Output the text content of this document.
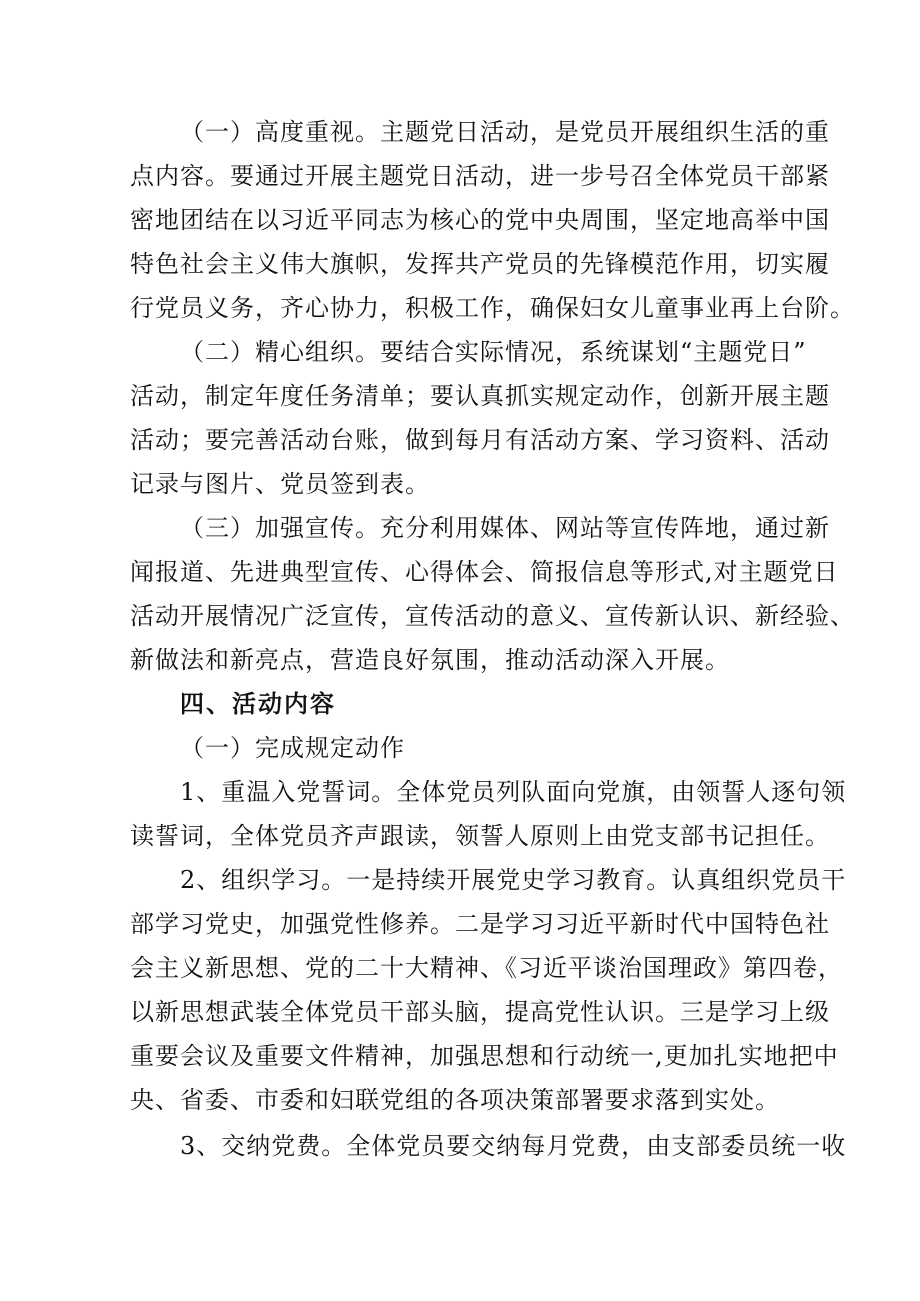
（一）高度重视。主题党日活动，是党员开展组织生活的重
点内容。要通过开展主题党日活动，进一步号召全体党员干部紧
密地团结在以习近平同志为核心的党中央周围，坚定地高举中国
特色社会主义伟大旗帜，发挥共产党员的先锋模范作用，切实履
行党员义务，齐心协力，积极工作，确保妇女儿童事业再上台阶。
（二）精心组织。要结合实际情况，系统谋划“主题党日”
活动，制定年度任务清单；要认真抓实规定动作，创新开展主题
活动；要完善活动台账，做到每月有活动方案、学习资料、活动
记录与图片、党员签到表。
（三）加强宣传。充分利用媒体、网站等宣传阵地，通过新
闻报道、先进典型宣传、心得体会、简报信息等形式,对主题党日
活动开展情况广泛宣传，宣传活动的意义、宣传新认识、新经验、
新做法和新亮点，营造良好氛围，推动活动深入开展。
四、活动内容
（一）完成规定动作
1、重温入党誓词。全体党员列队面向党旗，由领誓人逐句领
读誓词，全体党员齐声跟读，领誓人原则上由党支部书记担任。
2、组织学习。一是持续开展党史学习教育。认真组织党员干
部学习党史，加强党性修养。二是学习习近平新时代中国特色社
会主义新思想、党的二十大精神、《习近平谈治国理政》第四卷，
以新思想武装全体党员干部头脑，提高党性认识。三是学习上级
重要会议及重要文件精神，加强思想和行动统一,更加扎实地把中
央、省委、市委和妇联党组的各项决策部署要求落到实处。
3、交纳党费。全体党员要交纳每月党费，由支部委员统一收
